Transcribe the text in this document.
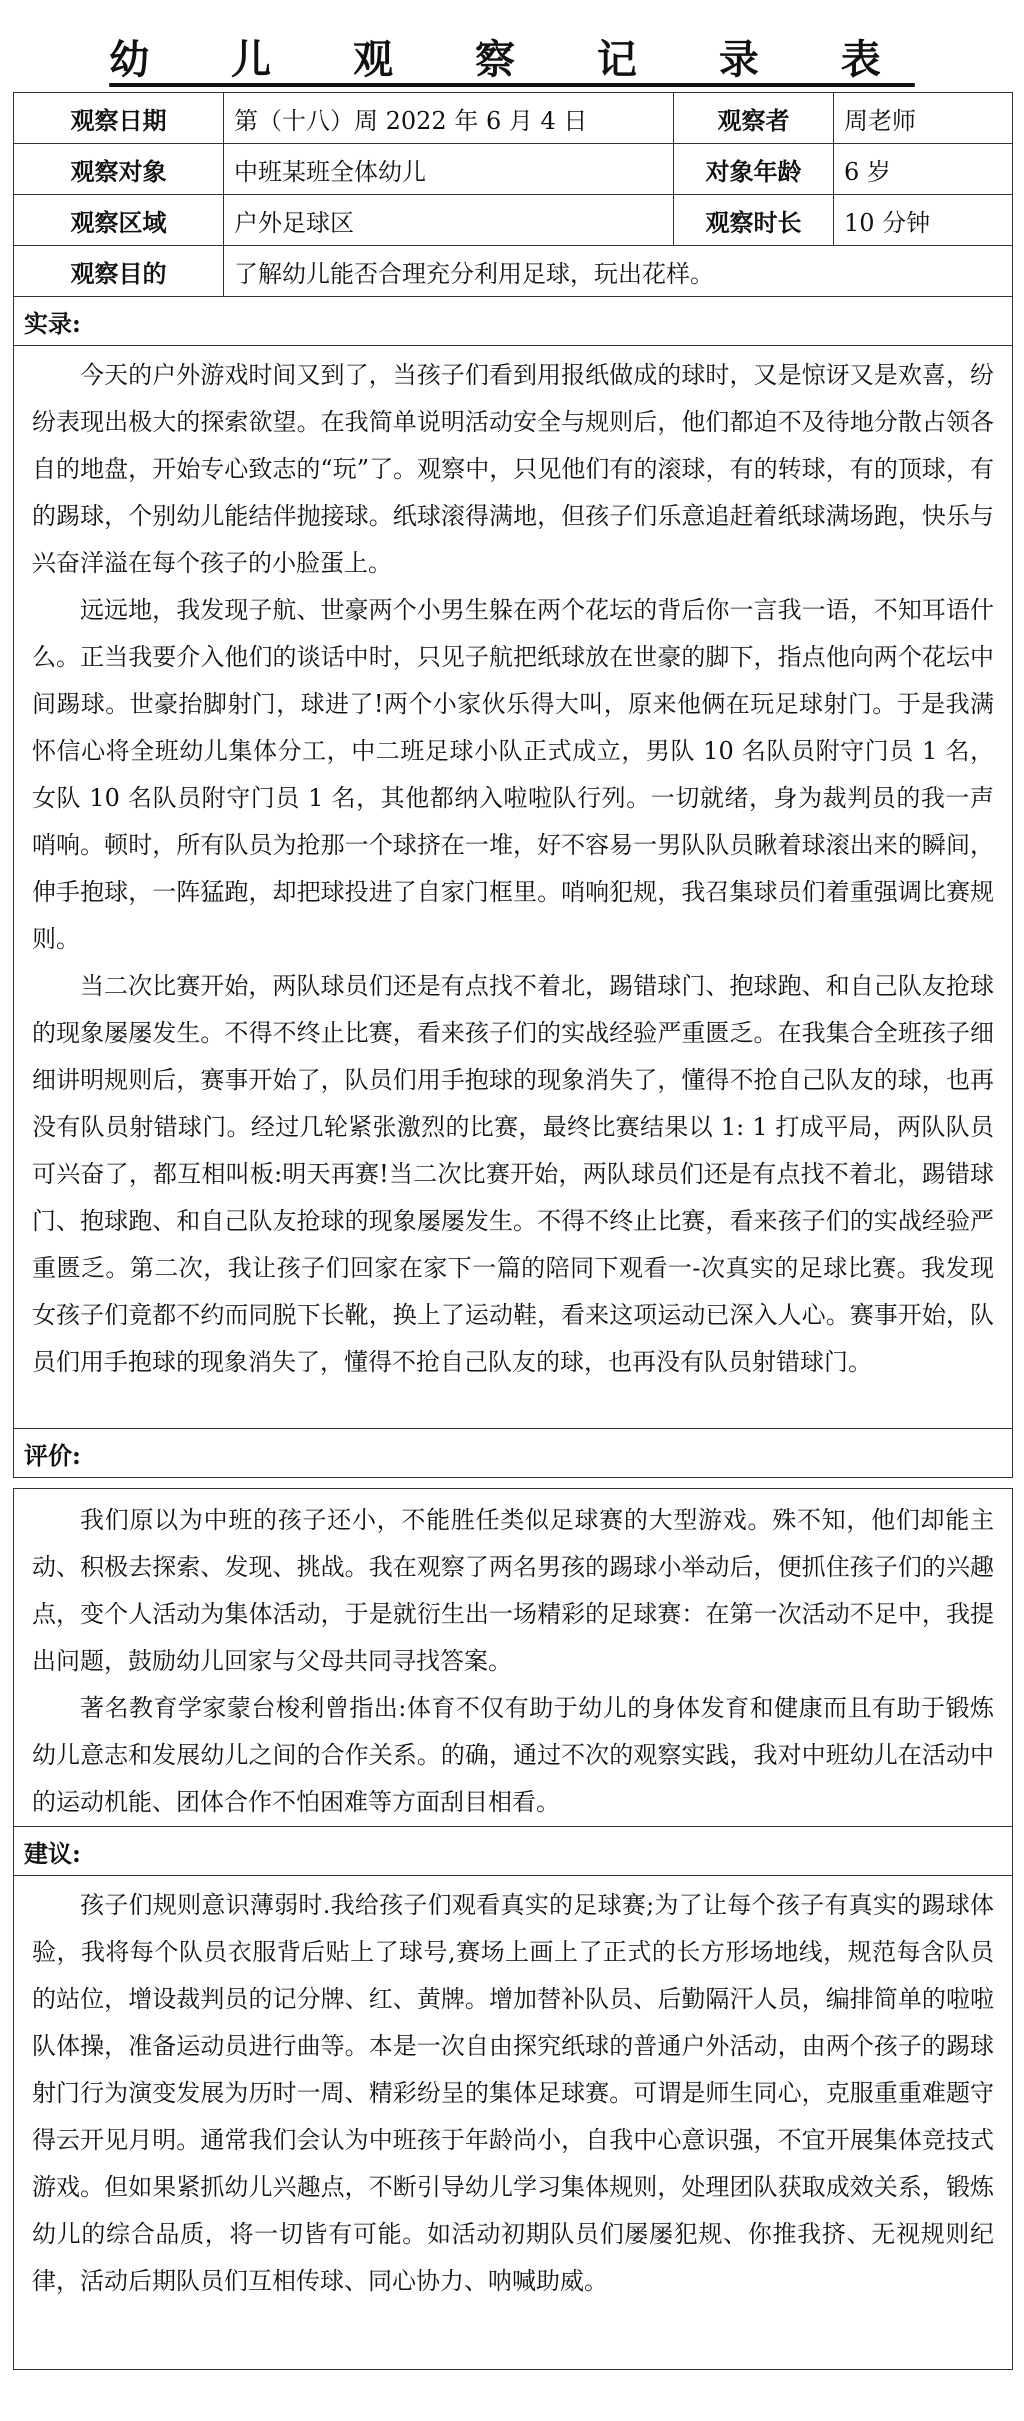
幼 儿 观 察 记 录 表
观察日期	第（十八）周 2022 年 6 月 4 日	观察者	周老师
观察对象	中班某班全体幼儿	对象年龄	6 岁
观察区域	户外足球区	观察时长	10 分钟
观察目的	了解幼儿能否合理充分利用足球，玩出花样。
实录:

今天的户外游戏时间又到了，当孩子们看到用报纸做成的球时，又是惊讶又是欢喜，纷纷表现出极大的探索欲望。在我简单说明活动安全与规则后，他们都迫不及待地分散占领各自的地盘，开始专心致志的“玩”了。观察中，只见他们有的滚球，有的转球，有的顶球，有的踢球，个别幼儿能结伴抛接球。纸球滚得满地，但孩子们乐意追赶着纸球满场跑，快乐与兴奋洋溢在每个孩子的小脸蛋上。

远远地，我发现子航、世豪两个小男生躲在两个花坛的背后你一言我一语，不知耳语什么。正当我要介入他们的谈话中时，只见子航把纸球放在世豪的脚下，指点他向两个花坛中间踢球。世豪抬脚射门，球进了!两个小家伙乐得大叫，原来他俩在玩足球射门。于是我满怀信心将全班幼儿集体分工，中二班足球小队正式成立，男队 10 名队员附守门员 1 名，女队 10 名队员附守门员 1 名，其他都纳入啦啦队行列。一切就绪，身为裁判员的我一声哨响。顿时，所有队员为抢那一个球挤在一堆，好不容易一男队队员瞅着球滚出来的瞬间，伸手抱球，一阵猛跑，却把球投进了自家门框里。哨响犯规，我召集球员们着重强调比赛规则。

当二次比赛开始，两队球员们还是有点找不着北，踢错球门、抱球跑、和自己队友抢球的现象屡屡发生。不得不终止比赛，看来孩子们的实战经验严重匮乏。在我集合全班孩子细细讲明规则后，赛事开始了，队员们用手抱球的现象消失了，懂得不抢自己队友的球，也再没有队员射错球门。经过几轮紧张激烈的比赛，最终比赛结果以 1: 1 打成平局，两队队员可兴奋了，都互相叫板:明天再赛!当二次比赛开始，两队球员们还是有点找不着北，踢错球门、抱球跑、和自己队友抢球的现象屡屡发生。不得不终止比赛，看来孩子们的实战经验严重匮乏。第二次，我让孩子们回家在家下一篇的陪同下观看一-次真实的足球比赛。我发现女孩子们竟都不约而同脱下长靴，换上了运动鞋，看来这项运动已深入人心。赛事开始，队员们用手抱球的现象消失了，懂得不抢自己队友的球，也再没有队员射错球门。

评价:

我们原以为中班的孩子还小，不能胜任类似足球赛的大型游戏。殊不知，他们却能主动、积极去探索、发现、挑战。我在观察了两名男孩的踢球小举动后，便抓住孩子们的兴趣点，变个人活动为集体活动，于是就衍生出一场精彩的足球赛：在第一次活动不足中，我提出问题，鼓励幼儿回家与父母共同寻找答案。

著名教育学家蒙台梭利曾指出:体育不仅有助于幼儿的身体发育和健康而且有助于锻炼幼儿意志和发展幼儿之间的合作关系。的确，通过不次的观察实践，我对中班幼儿在活动中的运动机能、团体合作不怕困难等方面刮目相看。

建议:

孩子们规则意识薄弱时.我给孩子们观看真实的足球赛;为了让每个孩子有真实的踢球体验，我将每个队员衣服背后贴上了球号,赛场上画上了正式的长方形场地线，规范每含队员的站位，增设裁判员的记分牌、红、黄牌。增加替补队员、后勤隔汗人员，编排简单的啦啦队体操，准备运动员进行曲等。本是一次自由探究纸球的普通户外活动，由两个孩子的踢球射门行为演变发展为历时一周、精彩纷呈的集体足球赛。可谓是师生同心，克服重重难题守得云开见月明。通常我们会认为中班孩于年龄尚小，自我中心意识强，不宜开展集体竞技式游戏。但如果紧抓幼儿兴趣点，不断引导幼儿学习集体规则，处理团队获取成效关系，锻炼幼儿的综合品质，将一切皆有可能。如活动初期队员们屡屡犯规、你推我挤、无视规则纪律，活动后期队员们互相传球、同心协力、呐喊助威。
